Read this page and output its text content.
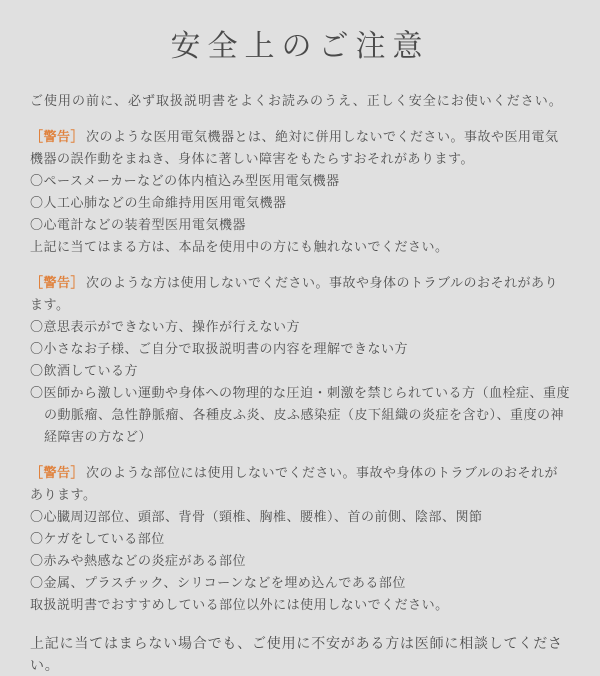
安全上のご注意

ご使用の前に、必ず取扱説明書をよくお読みのうえ、正しく安全にお使いください。

［警告］ 次のような医用電気機器とは、絶対に併用しないでください。事故や医用電気機器の誤作動をまねき、身体に著しい障害をもたらすおそれがあります。

〇ペースメーカーなどの体内植込み型医用電気機器
〇人工心肺などの生命維持用医用電気機器
〇心電計などの装着型医用電気機器

上記に当てはまる方は、本品を使用中の方にも触れないでください。

［警告］ 次のような方は使用しないでください。事故や身体のトラブルのおそれがあります。

〇意思表示ができない方、操作が行えない方
〇小さなお子様、ご自分で取扱説明書の内容を理解できない方
〇飲酒している方
〇医師から激しい運動や身体への物理的な圧迫・刺激を禁じられている方（血栓症、重度の動脈瘤、急性静脈瘤、各種皮ふ炎、皮ふ感染症（皮下組織の炎症を含む）、重度の神経障害の方など）

［警告］ 次のような部位には使用しないでください。事故や身体のトラブルのおそれがあります。

〇心臓周辺部位、頭部、背骨（頸椎、胸椎、腰椎）、首の前側、陰部、関節
〇ケガをしている部位
〇赤みや熱感などの炎症がある部位
〇金属、プラスチック、シリコーンなどを埋め込んである部位

取扱説明書でおすすめしている部位以外には使用しないでください。

上記に当てはまらない場合でも、ご使用に不安がある方は医師に相談してください。
